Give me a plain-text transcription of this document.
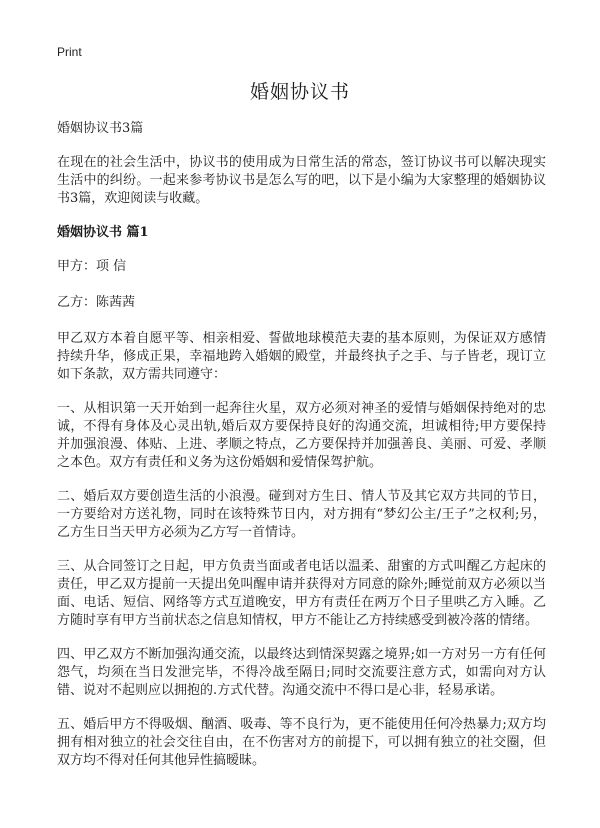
Print
婚姻协议书
婚姻协议书3篇

在现在的社会生活中，协议书的使用成为日常生活的常态，签订协议书可以解决现实生活中的纠纷。一起来参考协议书是怎么写的吧，以下是小编为大家整理的婚姻协议书3篇，欢迎阅读与收藏。

婚姻协议书 篇1
甲方：项 信
乙方：陈茜茜

甲乙双方本着自愿平等、相亲相爱、誓做地球模范夫妻的基本原则，为保证双方感情持续升华，修成正果，幸福地跨入婚姻的殿堂，并最终执子之手、与子皆老，现订立如下条款，双方需共同遵守：

一、从相识第一天开始到一起奔往火星，双方必须对神圣的爱情与婚姻保持绝对的忠诚，不得有身体及心灵出轨,婚后双方要保持良好的沟通交流，坦诚相待;甲方要保持并加强浪漫、体贴、上进、孝顺之特点，乙方要保持并加强善良、美丽、可爱、孝顺之本色。双方有责任和义务为这份婚姻和爱情保驾护航。

二、婚后双方要创造生活的小浪漫。碰到对方生日、情人节及其它双方共同的节日，一方要给对方送礼物，同时在该特殊节日内，对方拥有“梦幻公主/王子”之权利;另，乙方生日当天甲方必须为乙方写一首情诗。

三、从合同签订之日起，甲方负责当面或者电话以温柔、甜蜜的方式叫醒乙方起床的责任，甲乙双方提前一天提出免叫醒申请并获得对方同意的除外;睡觉前双方必须以当面、电话、短信、网络等方式互道晚安，甲方有责任在两万个日子里哄乙方入睡。乙方随时享有甲方当前状态之信息知情权，甲方不能让乙方持续感受到被冷落的情绪。

四、甲乙双方不断加强沟通交流，以最终达到情深契露之境界;如一方对另一方有任何怨气，均须在当日发泄完毕，不得冷战至隔日;同时交流要注意方式，如需向对方认错、说对不起则应以拥抱的.方式代替。沟通交流中不得口是心非，轻易承诺。

五、婚后甲方不得吸烟、酗酒、吸毒、等不良行为，更不能使用任何冷热暴力;双方均拥有相对独立的社会交往自由，在不伤害对方的前提下，可以拥有独立的社交圈，但双方均不得对任何其他异性搞暧昧。
